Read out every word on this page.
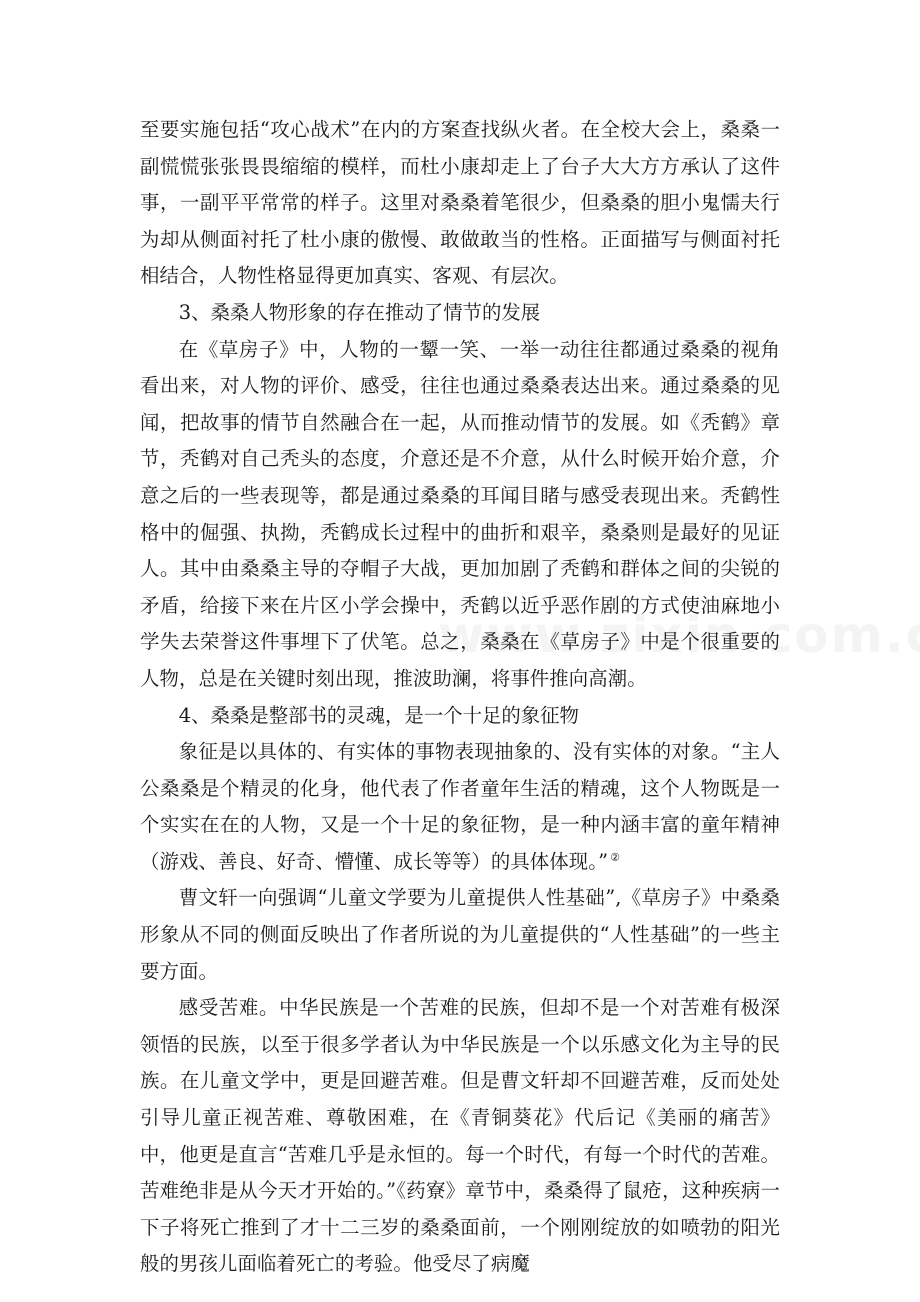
至要实施包括“攻心战术”在内的方案查找纵火者。在全校大会上，桑桑一副慌慌张张畏畏缩缩的模样，而杜小康却走上了台子大大方方承认了这件事，一副平平常常的样子。这里对桑桑着笔很少，但桑桑的胆小鬼懦夫行为却从侧面衬托了杜小康的傲慢、敢做敢当的性格。正面描写与侧面衬托相结合，人物性格显得更加真实、客观、有层次。

3、桑桑人物形象的存在推动了情节的发展

在《草房子》中，人物的一颦一笑、一举一动往往都通过桑桑的视角看出来，对人物的评价、感受，往往也通过桑桑表达出来。通过桑桑的见闻，把故事的情节自然融合在一起，从而推动情节的发展。如《秃鹤》章节，秃鹤对自己秃头的态度，介意还是不介意，从什么时候开始介意，介意之后的一些表现等，都是通过桑桑的耳闻目睹与感受表现出来。秃鹤性格中的倔强、执拗，秃鹤成长过程中的曲折和艰辛，桑桑则是最好的见证人。其中由桑桑主导的夺帽子大战，更加加剧了秃鹤和群体之间的尖锐的矛盾，给接下来在片区小学会操中，秃鹤以近乎恶作剧的方式使油麻地小学失去荣誉这件事埋下了伏笔。总之，桑桑在《草房子》中是个很重要的人物，总是在关键时刻出现，推波助澜，将事件推向高潮。

4、桑桑是整部书的灵魂，是一个十足的象征物

象征是以具体的、有实体的事物表现抽象的、没有实体的对象。“主人公桑桑是个精灵的化身，他代表了作者童年生活的精魂，这个人物既是一个实实在在的人物，又是一个十足的象征物，是一种内涵丰富的童年精神（游戏、善良、好奇、懵懂、成长等等）的具体体现。” ②

曹文轩一向强调“儿童文学要为儿童提供人性基础”,《草房子》中桑桑形象从不同的侧面反映出了作者所说的为儿童提供的“人性基础”的一些主要方面。

感受苦难。中华民族是一个苦难的民族，但却不是一个对苦难有极深领悟的民族，以至于很多学者认为中华民族是一个以乐感文化为主导的民族。在儿童文学中，更是回避苦难。但是曹文轩却不回避苦难，反而处处引导儿童正视苦难、尊敬困难，在《青铜葵花》代后记《美丽的痛苦》中，他更是直言“苦难几乎是永恒的。每一个时代，有每一个时代的苦难。苦难绝非是从今天才开始的。”《药寮》章节中，桑桑得了鼠疮，这种疾病一下子将死亡推到了才十二三岁的桑桑面前，一个刚刚绽放的如喷勃的阳光般的男孩儿面临着死亡的考验。他受尽了病魔
